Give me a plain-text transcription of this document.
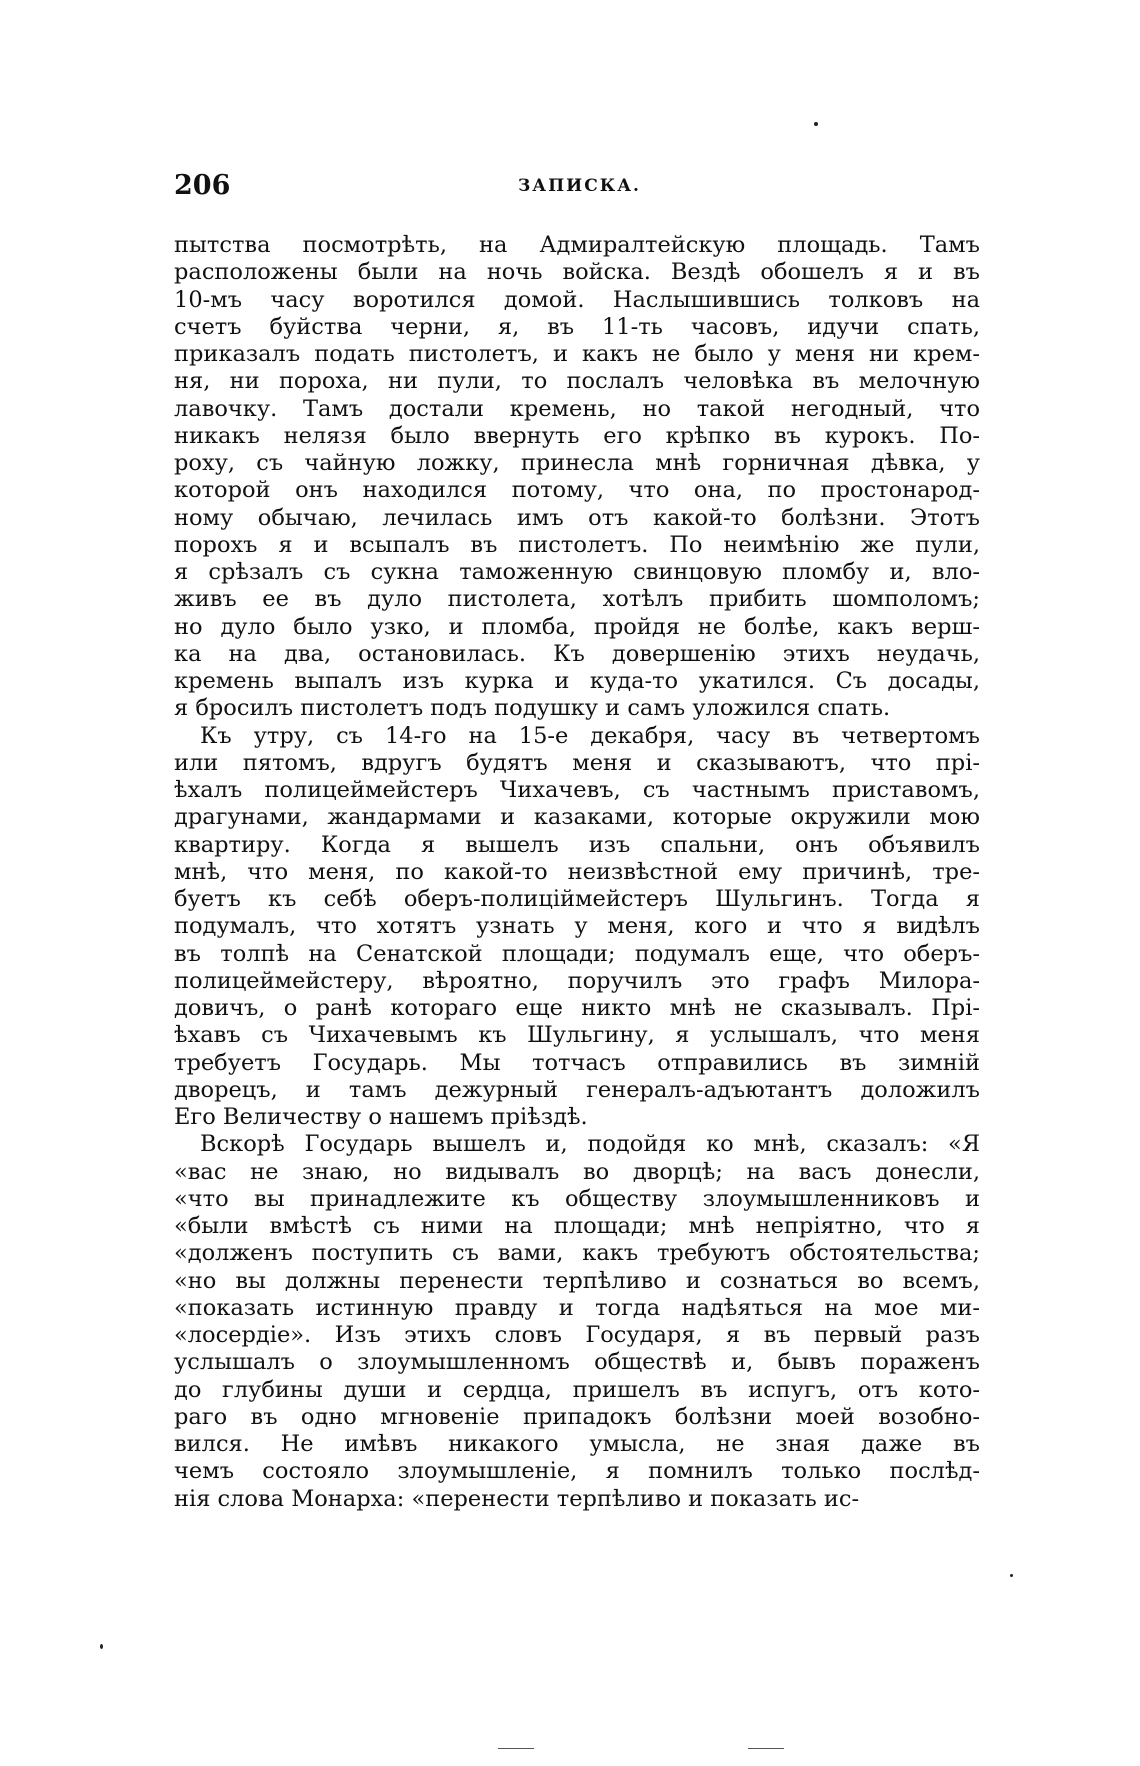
206	ЗАПИСКА.
пытства посмотрѣть, на Адмиралтейскую площадь. Тамъ
расположены были на ночь войска. Вездѣ обошелъ я и въ
10-мъ часу воротился домой. Наслышившись толковъ на
счетъ буйства черни, я, въ 11-ть часовъ, идучи спать,
приказалъ подать пистолетъ, и какъ не было у меня ни крем-
ня, ни пороха, ни пули, то послалъ человѣка въ мелочную
лавочку. Тамъ достали кремень, но такой негодный, что
никакъ нелязя было ввернуть его крѣпко въ курокъ. По-
роху, съ чайную ложку, принесла мнѣ горничная дѣвка, у
которой онъ находился потому, что она, по простонарод-
ному обычаю, лечилась имъ отъ какой-то болѣзни. Этотъ
порохъ я и всыпалъ въ пистолетъ. По неимѣнію же пули,
я срѣзалъ съ сукна таможенную свинцовую пломбу и, вло-
живъ ее въ дуло пистолета, хотѣлъ прибить шомполомъ;
но дуло было узко, и пломба, пройдя не болѣе, какъ верш-
ка на два, остановилась. Къ довершенію этихъ неудачь,
кремень выпалъ изъ курка и куда-то укатился. Съ досады,
я бросилъ пистолетъ подъ подушку и самъ уложился спать.
Къ утру, съ 14-го на 15-е декабря, часу въ четвертомъ
или пятомъ, вдругъ будятъ меня и сказываютъ, что прі-
ѣхалъ полицеймейстеръ Чихачевъ, съ частнымъ приставомъ,
драгунами, жандармами и казаками, которые окружили мою
квартиру. Когда я вышелъ изъ спальни, онъ объявилъ
мнѣ, что меня, по какой-то неизвѣстной ему причинѣ, тре-
буетъ къ себѣ оберъ-полиціймейстеръ Шульгинъ. Тогда я
подумалъ, что хотятъ узнать у меня, кого и что я видѣлъ
въ толпѣ на Сенатской площади; подумалъ еще, что оберъ-
полицеймейстеру, вѣроятно, поручилъ это графъ Милора-
довичъ, о ранѣ котораго еще никто мнѣ не сказывалъ. Прі-
ѣхавъ съ Чихачевымъ къ Шульгину, я услышалъ, что меня
требуетъ Государь. Мы тотчасъ отправились въ зимній
дворецъ, и тамъ дежурный генералъ-адъютантъ доложилъ
Его Величеству о нашемъ пріѣздѣ.
Вскорѣ Государь вышелъ и, подойдя ко мнѣ, сказалъ: «Я
«вас не знаю, но видывалъ во дворцѣ; на васъ донесли,
«что вы принадлежите къ обществу злоумышленниковъ и
«были вмѣстѣ съ ними на площади; мнѣ непріятно, что я
«долженъ поступить съ вами, какъ требуютъ обстоятельства;
«но вы должны перенести терпѣливо и сознаться во всемъ,
«показать истинную правду и тогда надѣяться на мое ми-
«лосердіе». Изъ этихъ словъ Государя, я въ первый разъ
услышалъ о злоумышленномъ обществѣ и, бывъ пораженъ
до глубины души и сердца, пришелъ въ испугъ, отъ кото-
раго въ одно мгновеніе припадокъ болѣзни моей возобно-
вился. Не имѣвъ никакого умысла, не зная даже въ
чемъ состояло злоумышленіе, я помнилъ только послѣд-
нія слова Монарха: «перенести терпѣливо и показать ис-
